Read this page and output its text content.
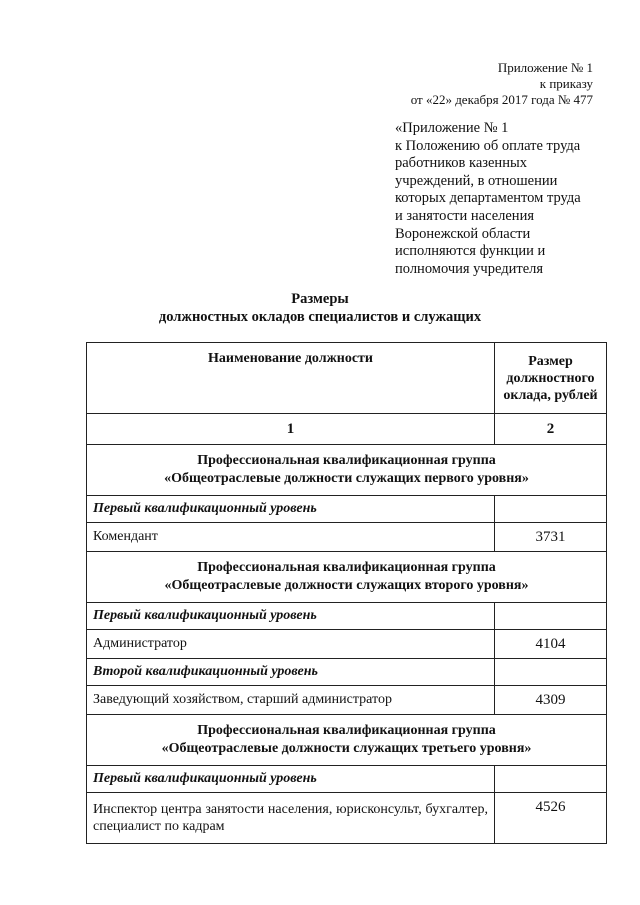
Приложение № 1
к приказу
от «22» декабря 2017 года № 477
«Приложение № 1
к Положению об оплате труда
работников казенных
учреждений, в отношении
которых департаментом труда
и занятости населения
Воронежской области
исполняются функции и
полномочия учредителя
Размеры
должностных окладов специалистов и служащих
Наименование должности	Размер
должностного
оклада, рублей

1	2

Профессиональная квалификационная группа
«Общеотраслевые должности служащих первого уровня»	

Первый квалификационный уровень	
Комендант	3731

Профессиональная квалификационная группа
«Общеотраслевые должности служащих второго уровня»	

Первый квалификационный уровень	
Администратор	4104
Второй квалификационный уровень	
Заведующий хозяйством, старший администратор	4309

Профессиональная квалификационная группа
«Общеотраслевые должности служащих третьего уровня»	

Первый квалификационный уровень	
Инспектор центра занятости населения, юрисконсульт, бухгалтер, специалист по кадрам	4526
